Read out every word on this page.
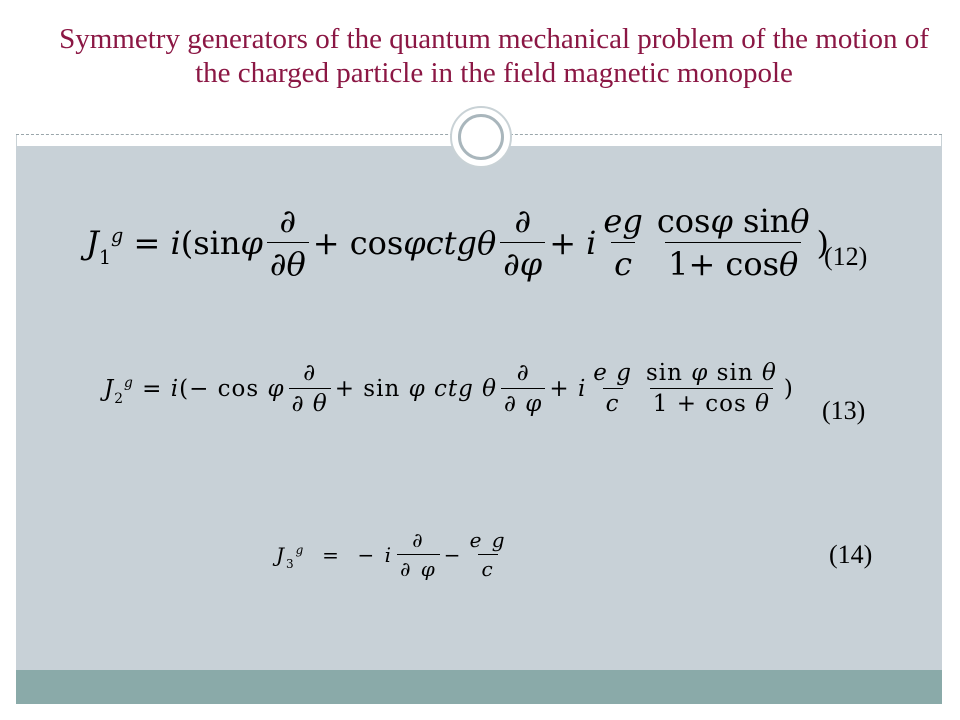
Symmetry generators of the quantum mechanical problem of the motion of the charged particle in the field magnetic monopole
$J_1^g = i(\sin\varphi \frac{\partial}{\partial\theta} + \cos\varphi ctg\theta \frac{\partial}{\partial\varphi} + i \frac{eg}{c} \frac{\text{cosφ sinθ}}{1+ \cos\theta}$ )
(12)
$J_2^g = i(- \cos \varphi \frac{\partial}{\partial \theta} + \sin \varphi$ ctg θ $\frac{\partial}{\partial \varphi} + i \frac{\text{e g}}{c} \frac{\text{sin φ sin θ}}{\text{1 + cos θ}}$ )
(13)
$J_3^g$ =  − i $\frac{\partial}{\partial \varphi} - \frac{\text{e g}}{c}$	(14)
